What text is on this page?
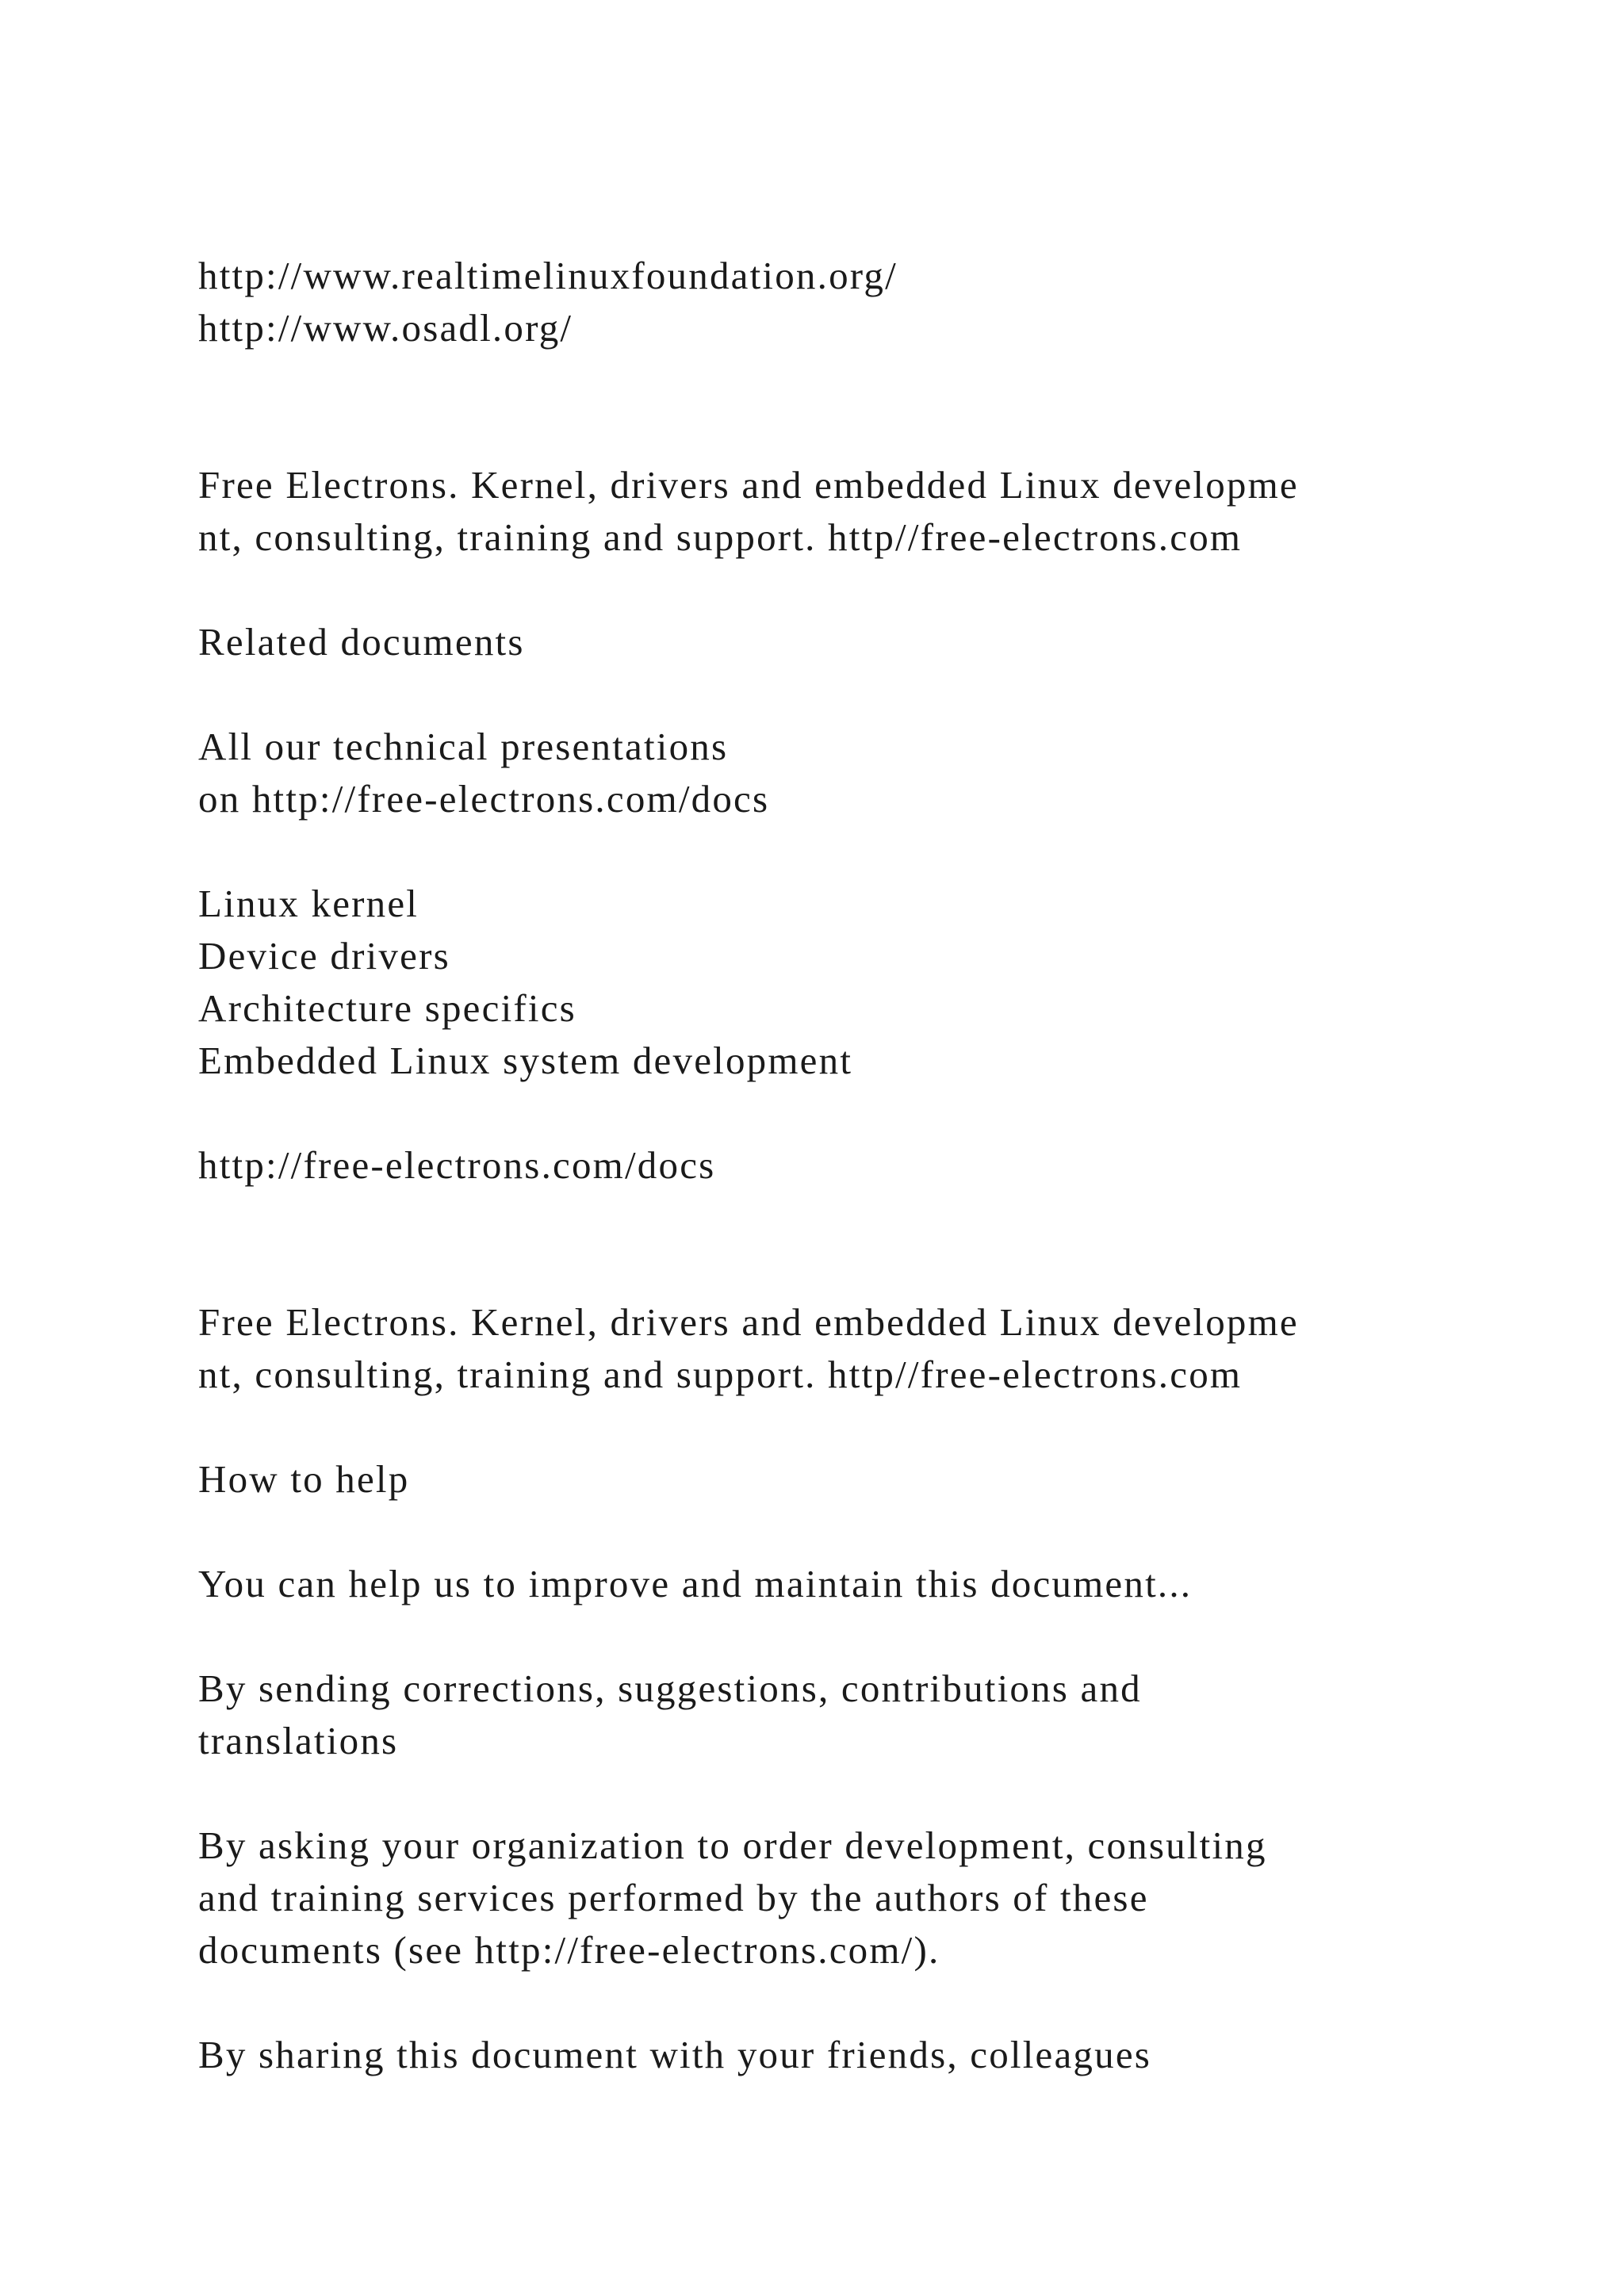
http://www.realtimelinuxfoundation.org/

http://www.osadl.org/

Free Electrons. Kernel, drivers and embedded Linux developme

nt, consulting, training and support. http//free-electrons.com

Related documents

All our technical presentations

on http://free-electrons.com/docs

Linux kernel

Device drivers

Architecture specifics

Embedded Linux system development

http://free-electrons.com/docs

Free Electrons. Kernel, drivers and embedded Linux developme

nt, consulting, training and support. http//free-electrons.com

How to help

You can help us to improve and maintain this document...

By sending corrections, suggestions, contributions and

translations

By asking your organization to order development, consulting

and training services performed by the authors of these

documents (see http://free-electrons.com/).

By sharing this document with your friends, colleagues
